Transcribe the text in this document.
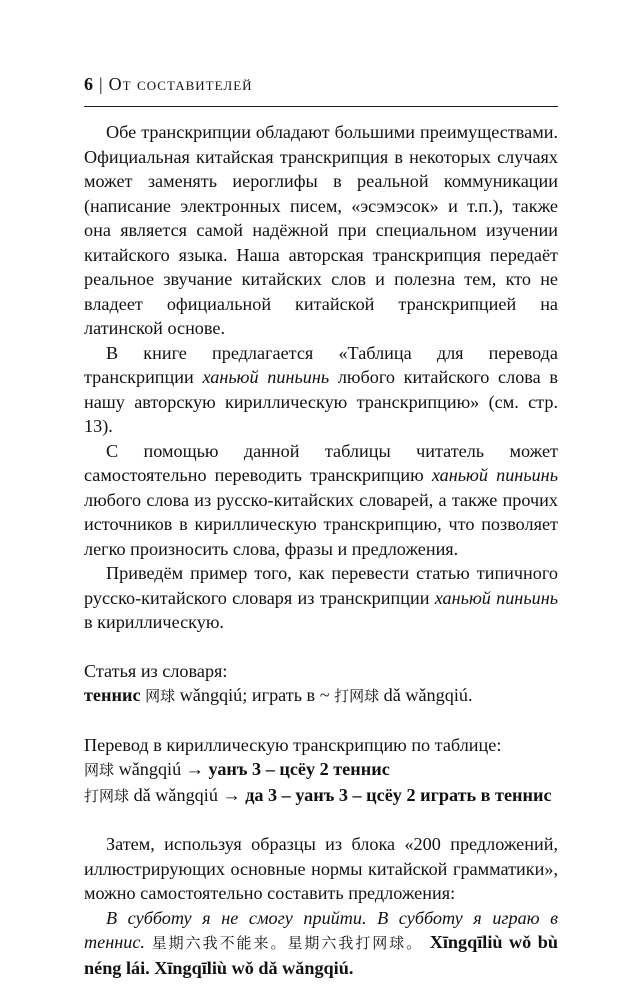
6 | От составителей

Обе транскрипции обладают большими преимуществами. Официальная китайская транскрипция в некоторых случаях может заменять иероглифы в реальной коммуникации (написание электронных писем, «эсэмэсок» и т.п.), также она является самой надёжной при специальном изучении китайского языка. Наша авторская транскрипция передаёт реальное звучание китайских слов и полезна тем, кто не владеет официальной китайской транскрипцией на латинской основе.

В книге предлагается «Таблица для перевода транскрипции ханьюй пиньинь любого китайского слова в нашу авторскую кириллическую транскрипцию» (см. стр. 13).

С помощью данной таблицы читатель может самостоятельно переводить транскрипцию ханьюй пиньинь любого слова из русско-китайских словарей, а также прочих источников в кириллическую транскрипцию, что позволяет легко произносить слова, фразы и предложения.

Приведём пример того, как перевести статью типичного русско-китайского словаря из транскрипции ханьюй пиньинь в кириллическую.

Статья из словаря:

теннис 网球 wǎngqiú; играть в ~ 打网球 dǎ wǎngqiú.

Перевод в кириллическую транскрипцию по таблице:

网球 wǎngqiú → уанъ 3 – цсёу 2 теннис

打网球 dǎ wǎngqiú → да 3 – уанъ 3 – цсёу 2 играть в теннис

Затем, используя образцы из блока «200 предложений, иллюстрирующих основные нормы китайской грамматики», можно самостоятельно составить предложения:

В субботу я не смогу прийти. В субботу я играю в теннис. 星期六我不能来。星期六我打网球。 Xīngqīliù wǒ bù néng lái. Xīngqīliù wǒ dǎ wǎngqiú.
